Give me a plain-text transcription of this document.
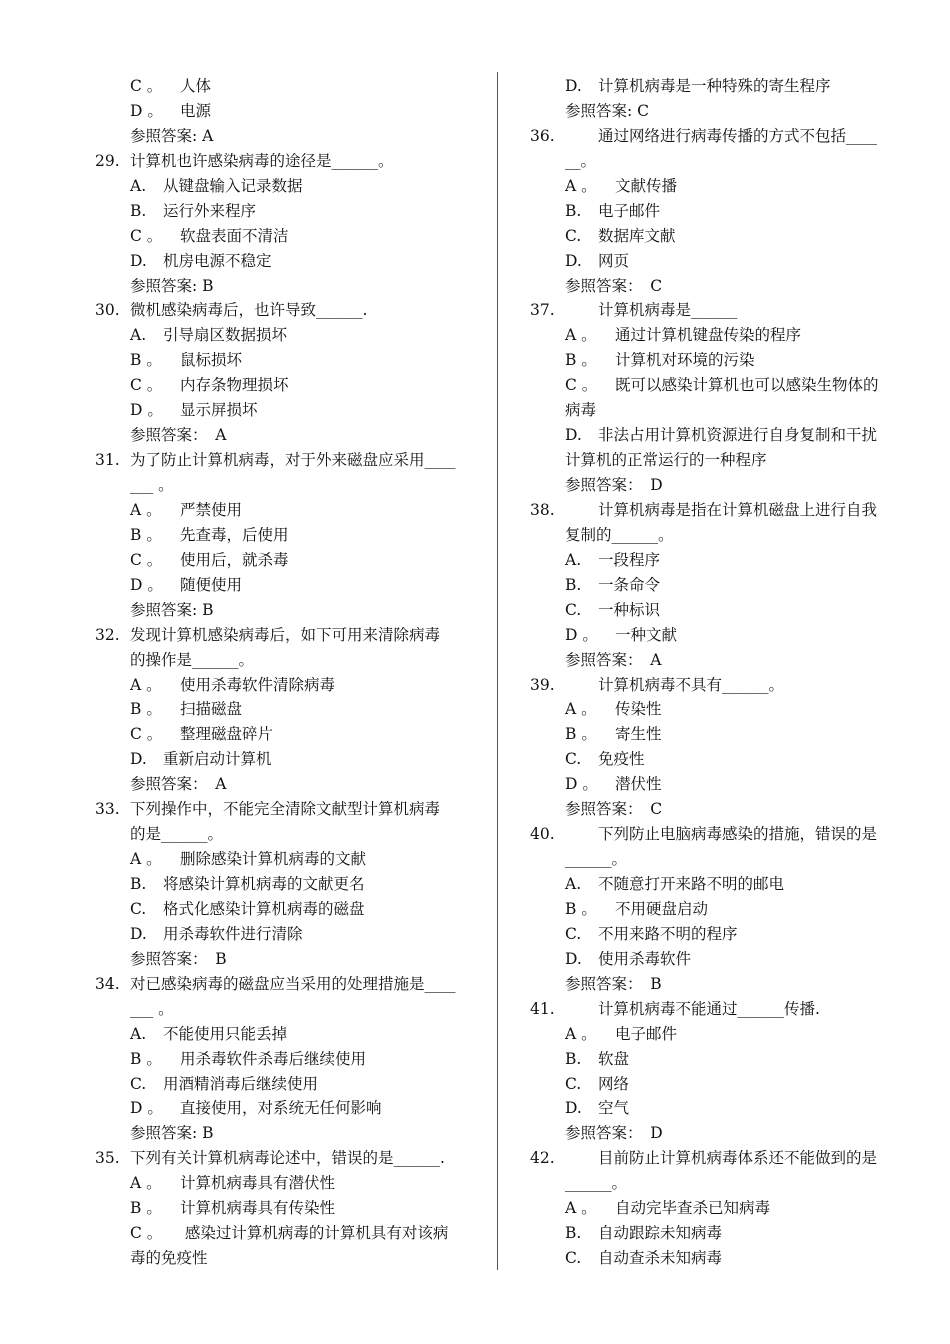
C 。 人体
D 。 电源
参照答案: A
29. 计算机也许感染病毒的途径是______。
A. 从键盘输入记录数据
B. 运行外来程序
C 。 软盘表面不清洁
D. 机房电源不稳定
参照答案: B
30. 微机感染病毒后，也许导致______.
A. 引导扇区数据损坏
B 。 鼠标损坏
C 。 内存条物理损坏
D 。 显示屏损坏
参照答案：　A
31. 为了防止计算机病毒，对于外来磁盘应采用____
___ 。
A 。 严禁使用
B 。 先查毒，后使用
C 。 使用后，就杀毒
D 。 随便使用
参照答案: B
32. 发现计算机感染病毒后，如下可用来清除病毒
的操作是______。
A 。 使用杀毒软件清除病毒
B 。 扫描磁盘
C 。 整理磁盘碎片
D. 重新启动计算机
参照答案：　A
33. 下列操作中，不能完全清除文献型计算机病毒
的是______。
A 。 删除感染计算机病毒的文献
B. 将感染计算机病毒的文献更名
C. 格式化感染计算机病毒的磁盘
D. 用杀毒软件进行清除
参照答案：　B
34. 对已感染病毒的磁盘应当采用的处理措施是____
___ 。
A. 不能使用只能丢掉
B 。 用杀毒软件杀毒后继续使用
C. 用酒精消毒后继续使用
D 。 直接使用，对系统无任何影响
参照答案: B
35. 下列有关计算机病毒论述中，错误的是______.
A 。 计算机病毒具有潜伏性
B 。 计算机病毒具有传染性
C 。 感染过计算机病毒的计算机具有对该病
毒的免疫性
D. 计算机病毒是一种特殊的寄生程序
参照答案: C
36.	通过网络进行病毒传播的方式不包括____
__。
A 。 文献传播
B. 电子邮件
C. 数据库文献
D. 网页
参照答案：　C
37.	计算机病毒是______
A 。 通过计算机键盘传染的程序
B 。 计算机对环境的污染
C 。 既可以感染计算机也可以感染生物体的
病毒
D. 非法占用计算机资源进行自身复制和干扰
计算机的正常运行的一种程序
参照答案：　D
38.	计算机病毒是指在计算机磁盘上进行自我
复制的______。
A. 一段程序
B. 一条命令
C. 一种标识
D 。 一种文献
参照答案：　A
39.	计算机病毒不具有______。
A 。 传染性
B 。 寄生性
C. 免疫性
D 。 潜伏性
参照答案：　C
40.	下列防止电脑病毒感染的措施，错误的是
______。
A. 不随意打开来路不明的邮电
B 。 不用硬盘启动
C. 不用来路不明的程序
D. 使用杀毒软件
参照答案：　B
41.	计算机病毒不能通过______传播.
A 。 电子邮件
B. 软盘
C. 网络
D. 空气
参照答案：　D
42.	目前防止计算机病毒体系还不能做到的是
______。
A 。 自动完毕查杀已知病毒
B. 自动跟踪未知病毒
C. 自动查杀未知病毒
